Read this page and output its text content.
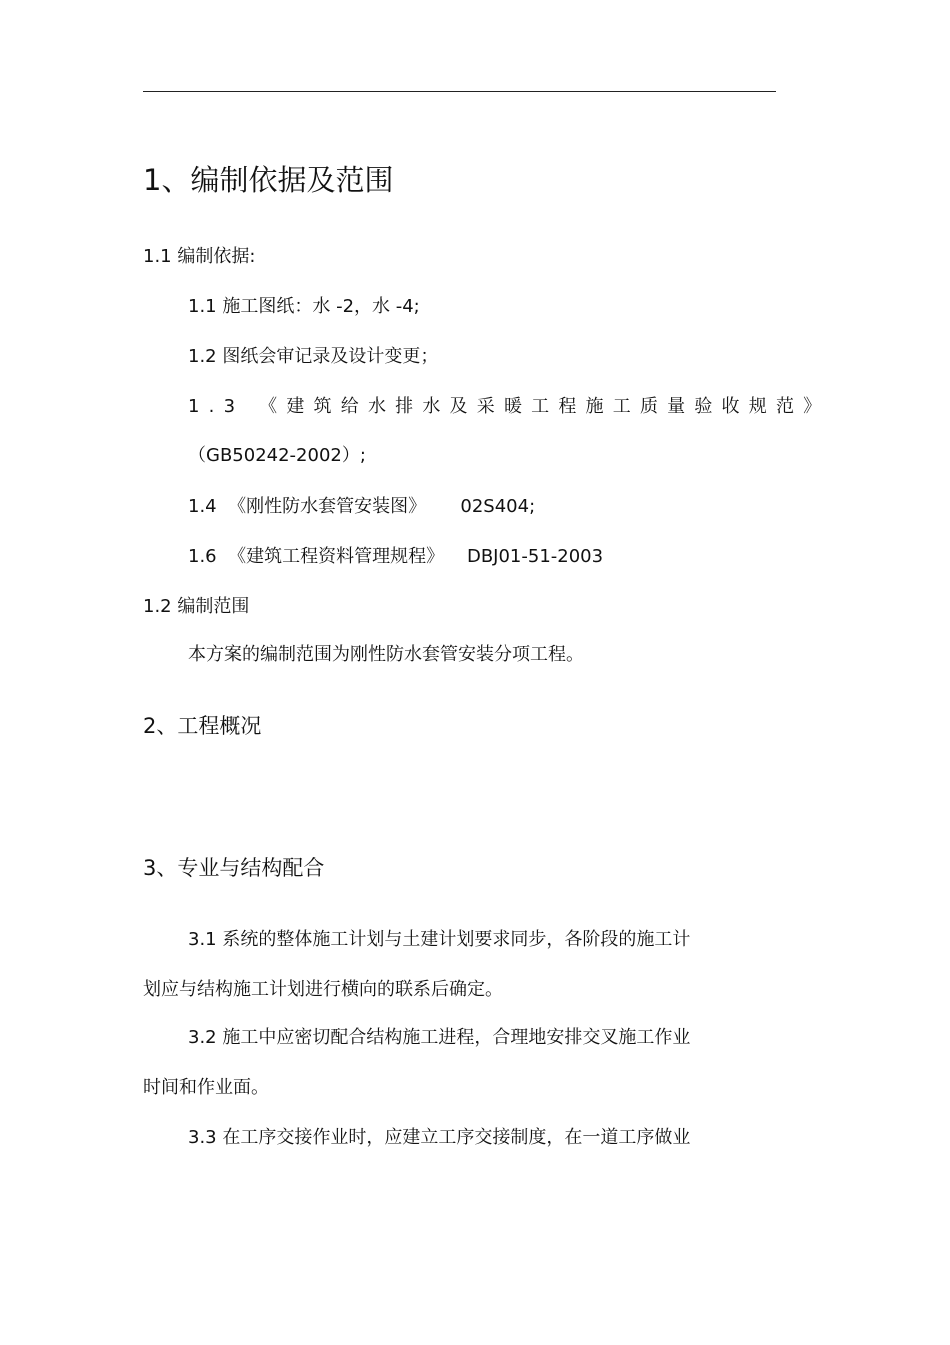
1、编制依据及范围
1.1 编制依据:
1.1 施工图纸：水 -2，水 -4;
1.2 图纸会审记录及设计变更；
1.3 《建筑给水排水及采暖工程施工质量验收规范》
（GB50242-2002）;
1.4  《刚性防水套管安装图》      02S404;
1.6  《建筑工程资料管理规程》    DBJ01-51-2003
1.2 编制范围
本方案的编制范围为刚性防水套管安装分项工程。
2、工程概况
3、专业与结构配合
3.1 系统的整体施工计划与土建计划要求同步，各阶段的施工计
划应与结构施工计划进行横向的联系后确定。
3.2 施工中应密切配合结构施工进程，合理地安排交叉施工作业
时间和作业面。
3.3 在工序交接作业时，应建立工序交接制度，在一道工序做业
